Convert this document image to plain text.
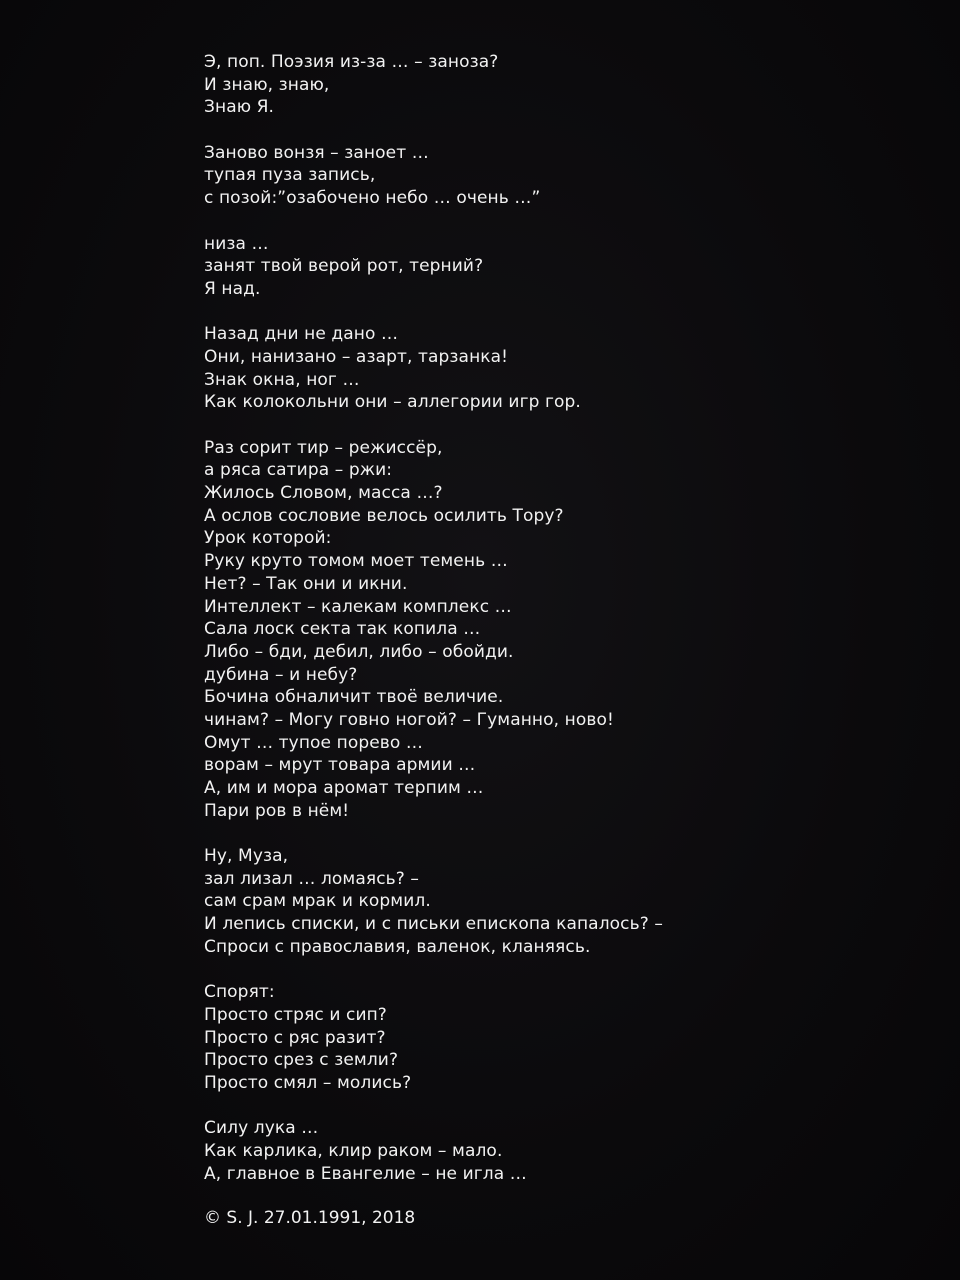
Э, поп. Поэзия из-за … – заноза?
И знаю, знаю,
Знаю Я.
Заново вонзя – заноет …
тупая пуза запись,
с позой:”озабочено небо … очень …”
низа …
занят твой верой рот, терний?
Я над.
Назад дни не дано …
Они, нанизано – азарт, тарзанка!
Знак окна, ног …
Как колокольни они – аллегории игр гор.
Раз сорит тир – режиссёр,
а ряса сатира – ржи:
Жилось Словом, масса …?
А ослов сословие велось осилить Тору?
Урок которой:
Руку круто томом моет темень …
Нет? – Так они и икни.
Интеллект – калекам комплекс …
Сала лоск секта так копила …
Либо – бди, дебил, либо – обойди.
дубина – и небу?
Бочина обналичит твоё величие.
чинам? – Могу говно ногой? – Гуманно, ново!
Омут … тупое порево …
ворам – мрут товара армии …
А, им и мора аромат терпим …
Пари ров в нём!
Ну, Муза,
зал лизал … ломаясь? –
сам срам мрак и кормил.
И лепись списки, и с письки епископа капалось? –
Спроси с православия, валенок, кланяясь.
Спорят:
Просто стряс и сип?
Просто с ряс разит?
Просто срез с земли?
Просто смял – молись?
Силу лука …
Как карлика, клир раком – мало.
А, главное в Евангелие – не игла …
© S. J. 27.01.1991, 2018
